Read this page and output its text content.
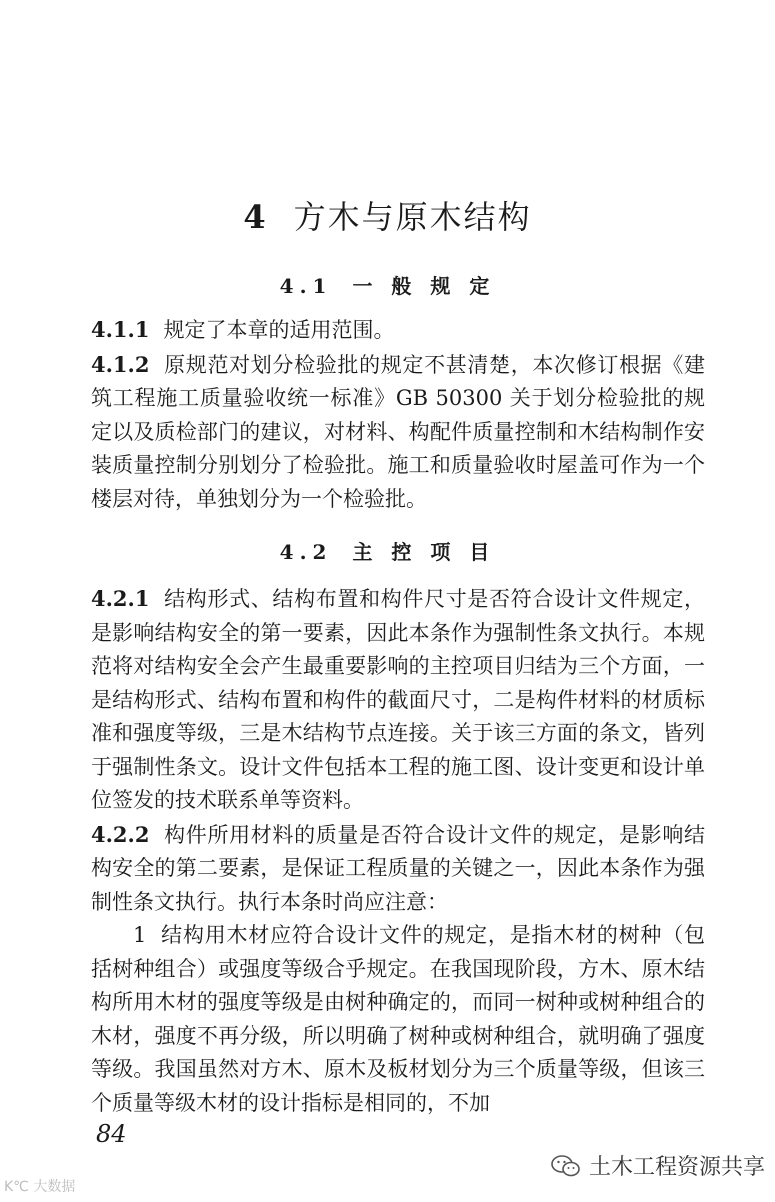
4 方木与原木结构
4.1 一 般 规 定

4.1.1 规定了本章的适用范围。

4.1.2 原规范对划分检验批的规定不甚清楚，本次修订根据《建筑工程施工质量验收统一标准》GB 50300 关于划分检验批的规定以及质检部门的建议，对材料、构配件质量控制和木结构制作安装质量控制分别划分了检验批。施工和质量验收时屋盖可作为一个楼层对待，单独划分为一个检验批。

4.2 主 控 项 目

4.2.1 结构形式、结构布置和构件尺寸是否符合设计文件规定，是影响结构安全的第一要素，因此本条作为强制性条文执行。本规范将对结构安全会产生最重要影响的主控项目归结为三个方面，一是结构形式、结构布置和构件的截面尺寸，二是构件材料的材质标准和强度等级，三是木结构节点连接。关于该三方面的条文，皆列于强制性条文。设计文件包括本工程的施工图、设计变更和设计单位签发的技术联系单等资料。

4.2.2 构件所用材料的质量是否符合设计文件的规定，是影响结构安全的第二要素，是保证工程质量的关键之一，因此本条作为强制性条文执行。执行本条时尚应注意：

1 结构用木材应符合设计文件的规定，是指木材的树种（包括树种组合）或强度等级合乎规定。在我国现阶段，方木、原木结构所用木材的强度等级是由树种确定的，而同一树种或树种组合的木材，强度不再分级，所以明确了树种或树种组合，就明确了强度等级。我国虽然对方木、原木及板材划分为三个质量等级，但该三个质量等级木材的设计指标是相同的，不加

84

K℃ 大数据
土木工程资源共享
